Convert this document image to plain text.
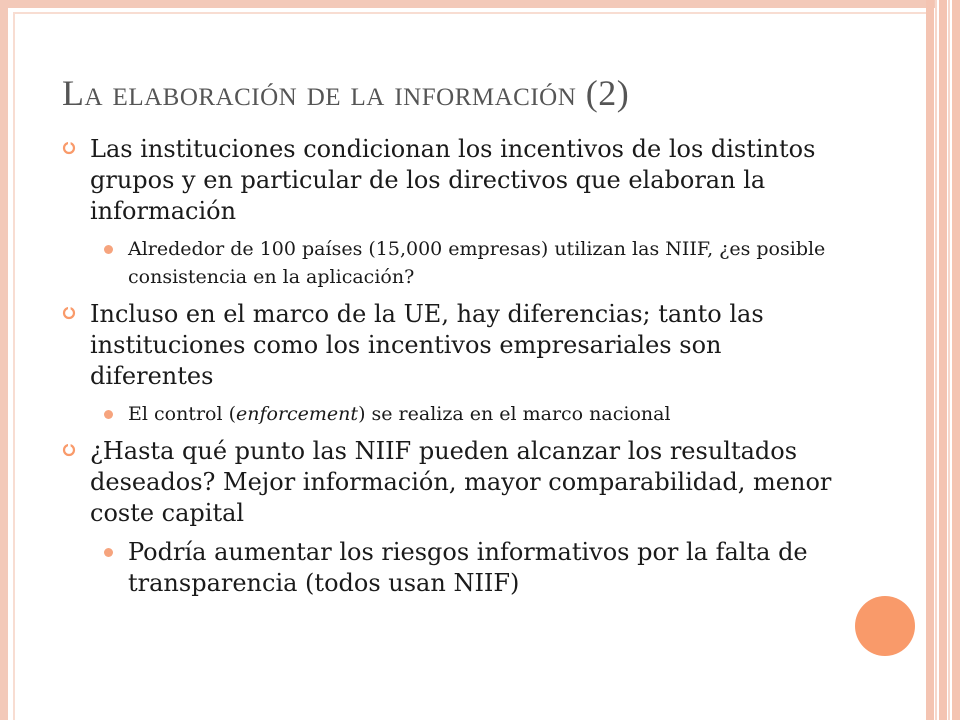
La elaboración de la información (2)
Las instituciones condicionan los incentivos de los distintos grupos y en particular de los directivos que elaboran la información
Alrededor de 100 países (15,000 empresas) utilizan las NIIF, ¿es posible consistencia en la aplicación?
Incluso en el marco de la UE, hay diferencias; tanto las instituciones como los incentivos empresariales son diferentes
El control (enforcement) se realiza en el marco nacional
¿Hasta qué punto las NIIF pueden alcanzar los resultados deseados? Mejor información, mayor comparabilidad, menor coste capital
Podría aumentar los riesgos informativos por la falta de transparencia (todos usan NIIF)
